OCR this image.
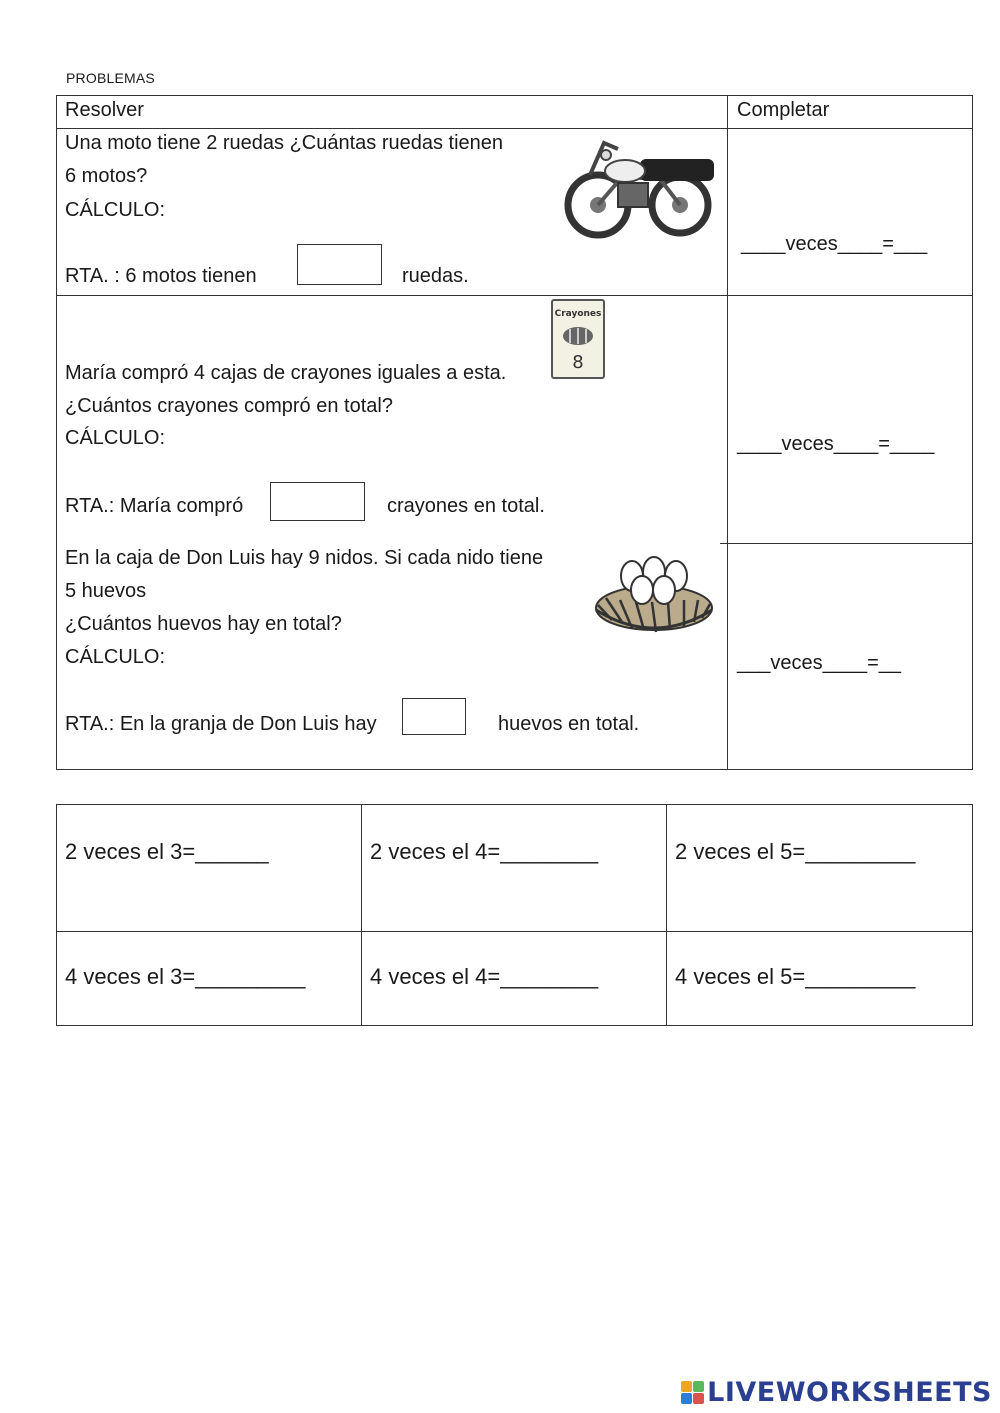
PROBLEMAS
Resolver	Completar
Una moto tiene 2 ruedas ¿Cuántas ruedas tienen
6 motos?
CÁLCULO:
RTA. : 6 motos tienen	ruedas.
____veces____=___
María compró 4 cajas de crayones iguales a esta.
¿Cuántos crayones compró en total?
CÁLCULO:
RTA.: María compró	crayones en total.
____veces____=____
Crayones
8
En la caja de Don Luis hay 9 nidos. Si cada nido tiene
5 huevos
¿Cuántos huevos hay en total?
CÁLCULO:
RTA.: En la granja de Don Luis hay	huevos en total.
___veces____=__
2 veces el 3=______	2 veces el 4=________	2 veces el 5=_________
4 veces el 3=_________	4 veces el 4=________	4 veces el 5=_________
LIVEWORKSHEETS
